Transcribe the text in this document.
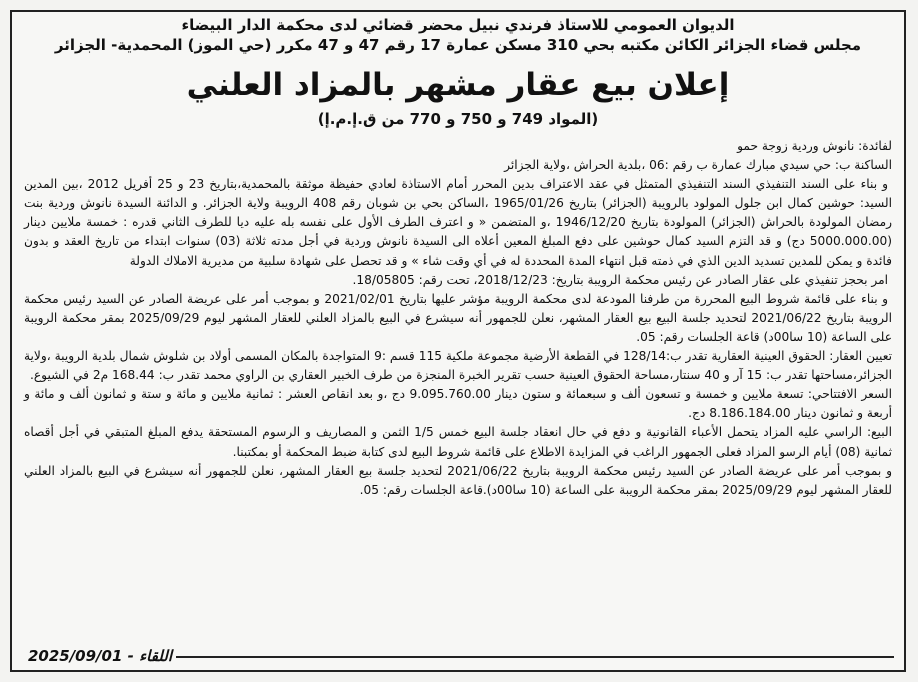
الديوان العمومي للاستاذ فرندي نبيل محضر قضائي لدى محكمة الدار البيضاء
مجلس قضاء الجزائر الكائن مكتبه بحي 310 مسكن عمارة 17 رقم 47 و 47 مكرر (حي الموز) المحمدية- الجزائر
إعلان بيع عقار مشهر بالمزاد العلني
(المواد 749 و 750 و 770 من ق.إ.م.إ)

لفائدة: نانوش وردية زوجة حمو

الساكنة ب: حي سيدي مبارك عمارة ب رقم :06 ،بلدية الحراش ،ولاية الجزائر

و بناء على السند التنفيذي السند التنفيذي المتمثل في عقد الاعتراف بدين المحرر أمام الاستاذة لعادي حفيظة موثقة بالمحمدية،بتاريخ 23 و 25 أفريل 2012 ،بين المدين السيد: حوشين كمال ابن جلول المولود بالرويبة (الجزائر) بتاريخ 1965/01/26 ،الساكن بحي بن شوبان رقم 408 الرويبة ولاية الجزائر. و الدائنة السيدة نانوش وردية بنت رمضان المولودة بالحراش (الجزائر) المولودة بتاريخ 1946/12/20 ،و المتضمن « و اعترف الطرف الأول على نفسه بله عليه ديا للطرف الثاني قدره : خمسة ملايين دينار (5000.000.00 دج) و قد التزم السيد كمال حوشين على دفع المبلغ المعين أعلاه الى السيدة نانوش وردية في أجل مدته ثلاثة (03) سنوات ابتداء من تاريخ العقد و بدون فائدة و يمكن للمدين تسديد الدين الذي في ذمته قبل انتهاء المدة المحددة له في أي وقت شاء » و قد تحصل على شهادة سلبية من مديرية الاملاك الدولة

امر بحجز تنفيذي على عقار الصادر عن رئيس محكمة الرويبة بتاريخ: 2018/12/23، تحت رقم: 18/05805.

و بناء على قائمة شروط البيع المحررة من طرفنا المودعة لدى محكمة الرويبة مؤشر عليها بتاريخ 2021/02/01 و بموجب أمر على عريضة الصادر عن السيد رئيس محكمة الرويبة بتاريخ 2021/06/22 لتحديد جلسة البيع بيع العقار المشهر، نعلن للجمهور أنه سيشرع في البيع بالمزاد العلني للعقار المشهر ليوم 2025/09/29 بمقر محكمة الرويبة على الساعة (10 سا00د) قاعة الجلسات رقم: 05.

تعيين العقار: الحقوق العينية العقارية تقدر ب:128/14 في القطعة الأرضية مجموعة ملكية 115 قسم :9 المتواجدة بالمكان المسمى أولاد بن شلوش شمال بلدية الرويبة ،ولاية الجزائر،مساحتها تقدر ب: 15 آر و 40 سنتار،مساحة الحقوق العينية حسب تقرير الخبرة المنجزة من طرف الخبير العقاري بن الراوي محمد تقدر ب: 168.44 م2 في الشيوع.

السعر الافتتاحي: تسعة ملايين و خمسة و تسعون ألف و سبعمائة و ستون دينار 9.095.760.00 دج ،و بعد انقاص العشر : ثمانية ملايين و مائة و ستة و ثمانون ألف و مائة و أربعة و ثمانون دينار 8.186.184.00 دج.

البيع: الراسي عليه المزاد يتحمل الأعباء القانونية و دفع في حال انعقاد جلسة البيع خمس 1/5 الثمن و المصاريف و الرسوم المستحقة يدفع المبلغ المتبقي في أجل أقصاه ثمانية (08) أيام الرسو المزاد فعلى الجمهور الراغب في المزايدة الاطلاع على قائمة شروط البيع لدى كتابة ضبط المحكمة أو بمكتبنا.

و بموجب أمر على عريضة الصادر عن السيد رئيس محكمة الرويبة بتاريخ 2021/06/22 لتحديد جلسة بيع العقار المشهر، نعلن للجمهور أنه سيشرع في البيع بالمزاد العلني للعقار المشهر ليوم 2025/09/29 بمقر محكمة الرويبة على الساعة (10 سا00د).قاعة الجلسات رقم: 05.

اللقاء - 2025/09/01
